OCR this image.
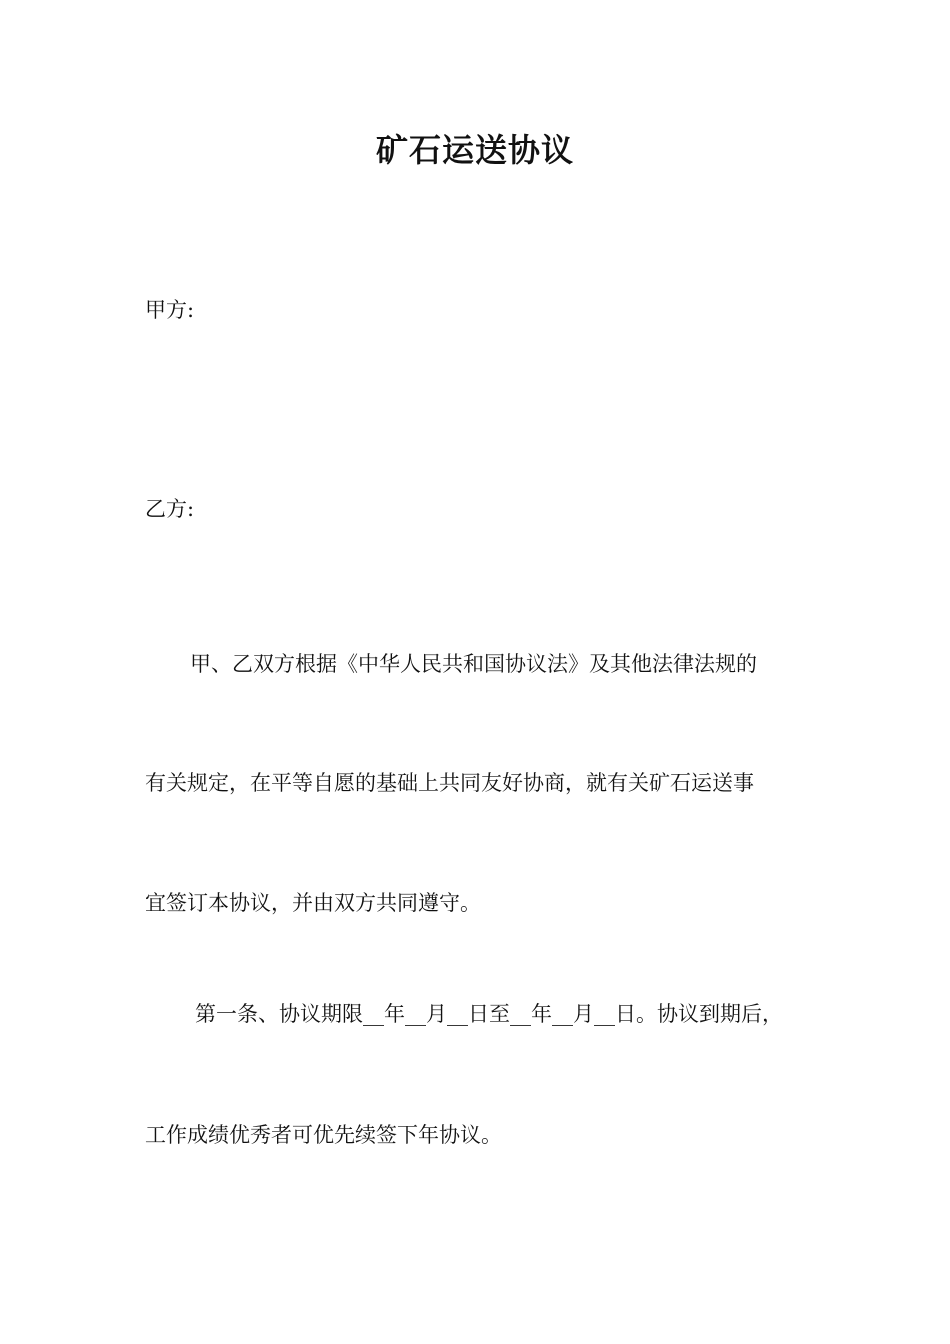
矿石运送协议
甲方:
乙方:
甲、乙双方根据《中华人民共和国协议法》及其他法律法规的
有关规定，在平等自愿的基础上共同友好协商，就有关矿石运送事
宜签订本协议，并由双方共同遵守。
第一条、协议期限__年__月__日至__年__月__日。协议到期后，
工作成绩优秀者可优先续签下年协议。
